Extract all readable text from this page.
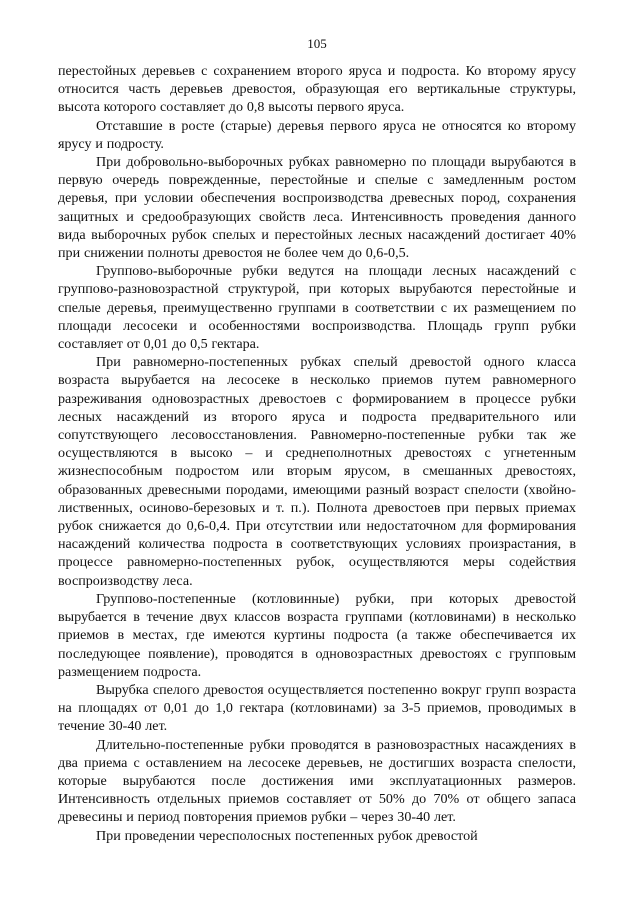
105

перестойных деревьев с сохранением второго яруса и подроста. Ко второму ярусу относится часть деревьев древостоя, образующая его вертикальные структуры, высота которого составляет до 0,8 высоты первого яруса.

Отставшие в росте (старые) деревья первого яруса не относятся ко второму ярусу и подросту.

При добровольно-выборочных рубках равномерно по площади вырубаются в первую очередь поврежденные, перестойные и спелые с замедленным ростом деревья, при условии обеспечения воспроизводства древесных пород, сохранения защитных и средообразующих свойств леса. Интенсивность проведения данного вида выборочных рубок спелых и перестойных лесных насаждений достигает 40% при снижении полноты древостоя не более чем до 0,6-0,5.

Группово-выборочные рубки ведутся на площади лесных насаждений с группово-разновозрастной структурой, при которых вырубаются перестойные и спелые деревья, преимущественно группами в соответствии с их размещением по площади лесосеки и особенностями воспроизводства. Площадь групп рубки составляет от 0,01 до 0,5 гектара.

При равномерно-постепенных рубках спелый древостой одного класса возраста вырубается на лесосеке в несколько приемов путем равномерного разреживания одновозрастных древостоев с формированием в процессе рубки лесных насаждений из второго яруса и подроста предварительного или сопутствующего лесовосстановления. Равномерно-постепенные рубки так же осуществляются в высоко – и среднеполнотных древостоях с угнетенным жизнеспособным подростом или вторым ярусом, в смешанных древостоях, образованных древесными породами, имеющими разный возраст спелости (хвойно-лиственных, осиново-березовых и т. п.). Полнота древостоев при первых приемах рубок снижается до 0,6-0,4. При отсутствии или недостаточном для формирования насаждений количества подроста в соответствующих условиях произрастания, в процессе равномерно-постепенных рубок, осуществляются меры содействия воспроизводству леса.

Группово-постепенные (котловинные) рубки, при которых древостой вырубается в течение двух классов возраста группами (котловинами) в несколько приемов в местах, где имеются куртины подроста (а также обеспечивается их последующее появление), проводятся в одновозрастных древостоях с групповым размещением подроста.

Вырубка спелого древостоя осуществляется постепенно вокруг групп возраста на площадях от 0,01 до 1,0 гектара (котловинами) за 3-5 приемов, проводимых в течение 30-40 лет.

Длительно-постепенные рубки проводятся в разновозрастных насаждениях в два приема с оставлением на лесосеке деревьев, не достигших возраста спелости, которые вырубаются после достижения ими эксплуатационных размеров. Интенсивность отдельных приемов составляет от 50% до 70% от общего запаса древесины и период повторения приемов рубки – через 30-40 лет.

При проведении чересполосных постепенных рубок древостой
